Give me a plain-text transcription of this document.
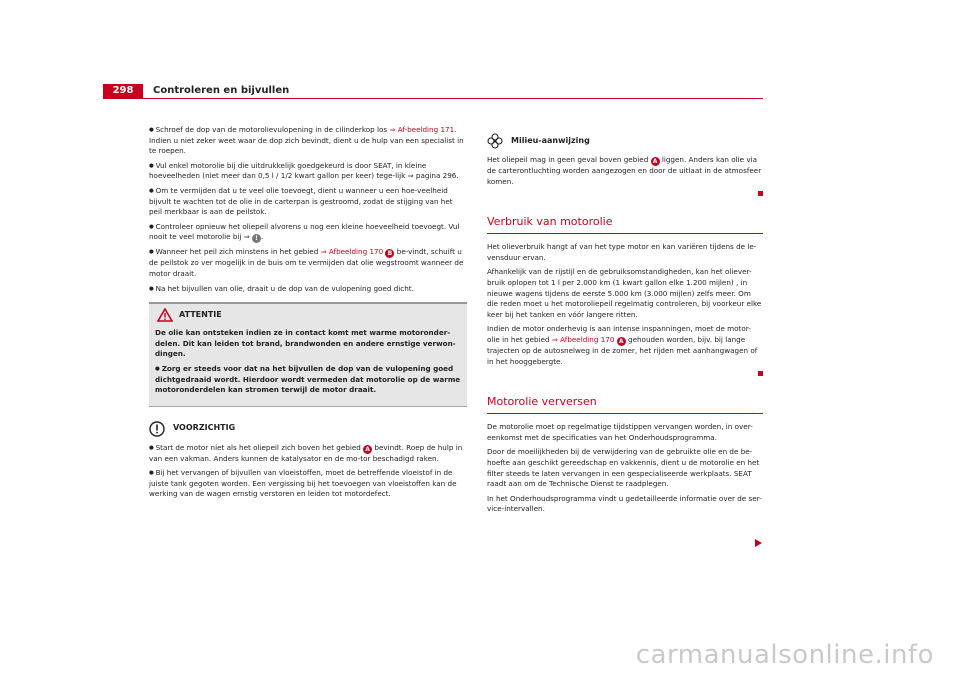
298	Controleren en bijvullen

● Schroef de dop van de motorolievulopening in de cilinderkop los ⇒ Af-beelding 171. Indien u niet zeker weet waar de dop zich bevindt, dient u de hulp van een specialist in te roepen.

● Vul enkel motorolie bij die uitdrukkelijk goedgekeurd is door SEAT, in kleine hoeveelheden (niet meer dan 0,5 l / 1/2 kwart gallon per keer) tege-lijk ⇒ pagina 296.

● Om te vermijden dat u te veel olie toevoegt, dient u wanneer u een hoe-veelheid bijvult te wachten tot de olie in de carterpan is gestroomd, zodat de stijging van het peil merkbaar is aan de peilstok.

● Controleer opnieuw het oliepeil alvorens u nog een kleine hoeveelheid toevoegt. Vul nooit te veel motorolie bij ⇒ ! .

● Wanneer het peil zich minstens in het gebied ⇒ Afbeelding 170 B be-vindt, schuift u de peilstok zo ver mogelijk in de buis om te vermijden dat olie wegstroomt wanneer de motor draait.

● Na het bijvullen van olie, draait u de dop van de vulopening goed dicht.

ATTENTIE

De olie kan ontsteken indien ze in contact komt met warme motoronder-delen. Dit kan leiden tot brand, brandwonden en andere ernstige verwon-dingen.

● Zorg er steeds voor dat na het bijvullen de dop van de vulopening goed dichtgedraaid wordt. Hierdoor wordt vermeden dat motorolie op de warme motoronderdelen kan stromen terwijl de motor draait.

VOORZICHTIG

● Start de motor niet als het oliepeil zich boven het gebied A bevindt. Roep de hulp in van een vakman. Anders kunnen de katalysator en de mo-tor beschadigd raken.

● Bij het vervangen of bijvullen van vloeistoffen, moet de betreffende vloeistof in de juiste tank gegoten worden. Een vergissing bij het toevoegen van vloeistoffen kan de werking van de wagen ernstig verstoren en leiden tot motordefect.

Milieu-aanwijzing

Het oliepeil mag in geen geval boven gebied A liggen. Anders kan olie via de carterontluchting worden aangezogen en door de uitlaat in de atmosfeer komen.

Verbruik van motorolie

Het olieverbruik hangt af van het type motor en kan variëren tijdens de le-vensduur ervan.

Afhankelijk van de rijstijl en de gebruiksomstandigheden, kan het oliever-bruik oplopen tot 1 l per 2.000 km (1 kwart gallon elke 1.200 mijlen) , in nieuwe wagens tijdens de eerste 5.000 km (3.000 mijlen) zelfs meer. Om die reden moet u het motoroliepeil regelmatig controleren, bij voorkeur elke keer bij het tanken en vóór langere ritten.

Indien de motor onderhevig is aan intense inspanningen, moet de motor-olie in het gebied ⇒ Afbeelding 170 A gehouden worden, bijv. bij lange trajecten op de autosnelweg in de zomer, het rijden met aanhangwagen of in het hooggebergte.

Motorolie verversen

De motorolie moet op regelmatige tijdstippen vervangen worden, in over-eenkomst met de specificaties van het Onderhoudsprogramma.

Door de moeilijkheden bij de verwijdering van de gebruikte olie en de be-hoefte aan geschikt gereedschap en vakkennis, dient u de motorolie en het filter steeds te laten vervangen in een gespecialiseerde werkplaats. SEAT raadt aan om de Technische Dienst te raadplegen.

In het Onderhoudsprogramma vindt u gedetailleerde informatie over de ser-vice-intervallen.

carmanualsonline.info
